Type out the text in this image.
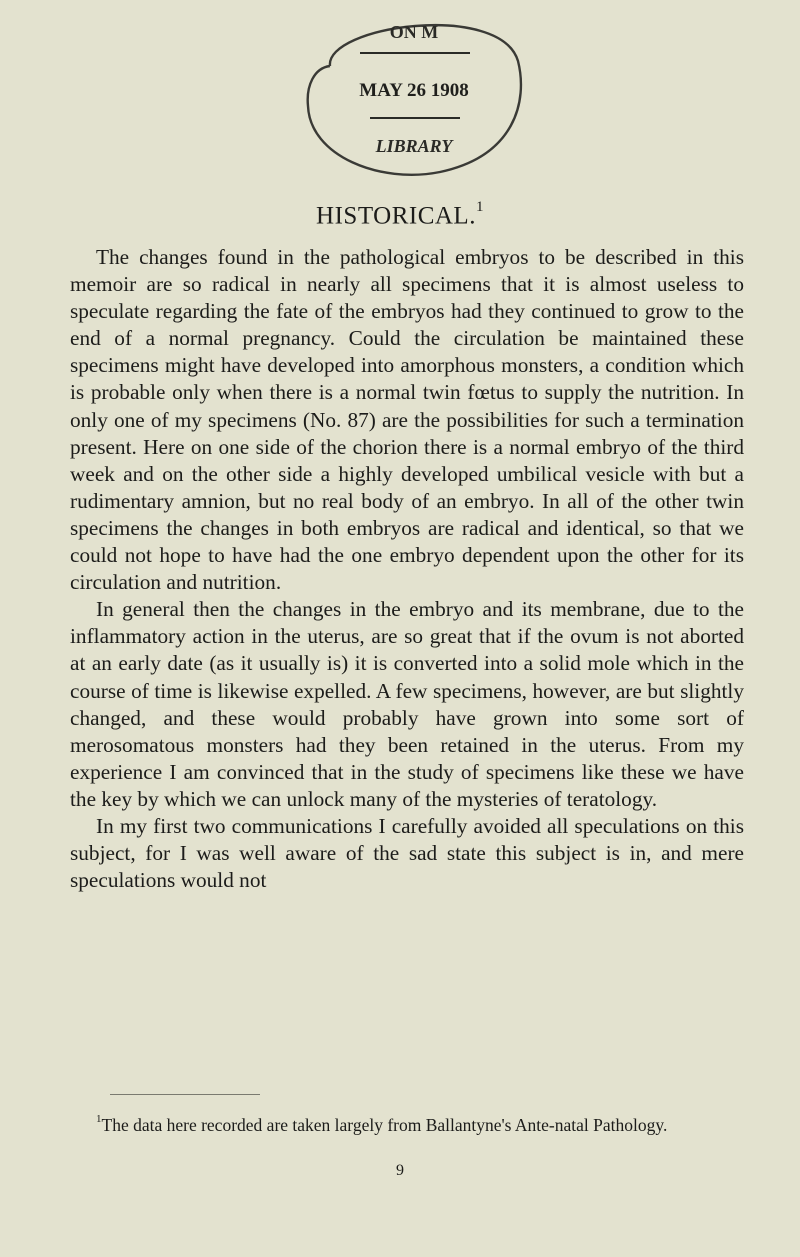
ON M
MAY 26 1908
LIBRARY
HISTORICAL.$^1$

The changes found in the pathological embryos to be described in this memoir are so radical in nearly all specimens that it is almost useless to speculate regarding the fate of the embryos had they continued to grow to the end of a normal pregnancy. Could the circulation be maintained these specimens might have developed into amorphous monsters, a condition which is probable only when there is a normal twin fœtus to supply the nutrition. In only one of my specimens (No. 87) are the possibilities for such a termination present. Here on one side of the chorion there is a normal embryo of the third week and on the other side a highly developed umbilical vesicle with but a rudimentary amnion, but no real body of an embryo. In all of the other twin specimens the changes in both embryos are radical and identical, so that we could not hope to have had the one embryo dependent upon the other for its circulation and nutrition.

In general then the changes in the embryo and its membrane, due to the inflammatory action in the uterus, are so great that if the ovum is not aborted at an early date (as it usually is) it is converted into a solid mole which in the course of time is likewise expelled. A few specimens, however, are but slightly changed, and these would probably have grown into some sort of merosomatous monsters had they been retained in the uterus. From my experience I am convinced that in the study of specimens like these we have the key by which we can unlock many of the mysteries of teratology.

In my first two communications I carefully avoided all speculations on this subject, for I was well aware of the sad state this subject is in, and mere speculations would not

$^1$The data here recorded are taken largely from Ballantyne's Ante-natal Pathology.
9
